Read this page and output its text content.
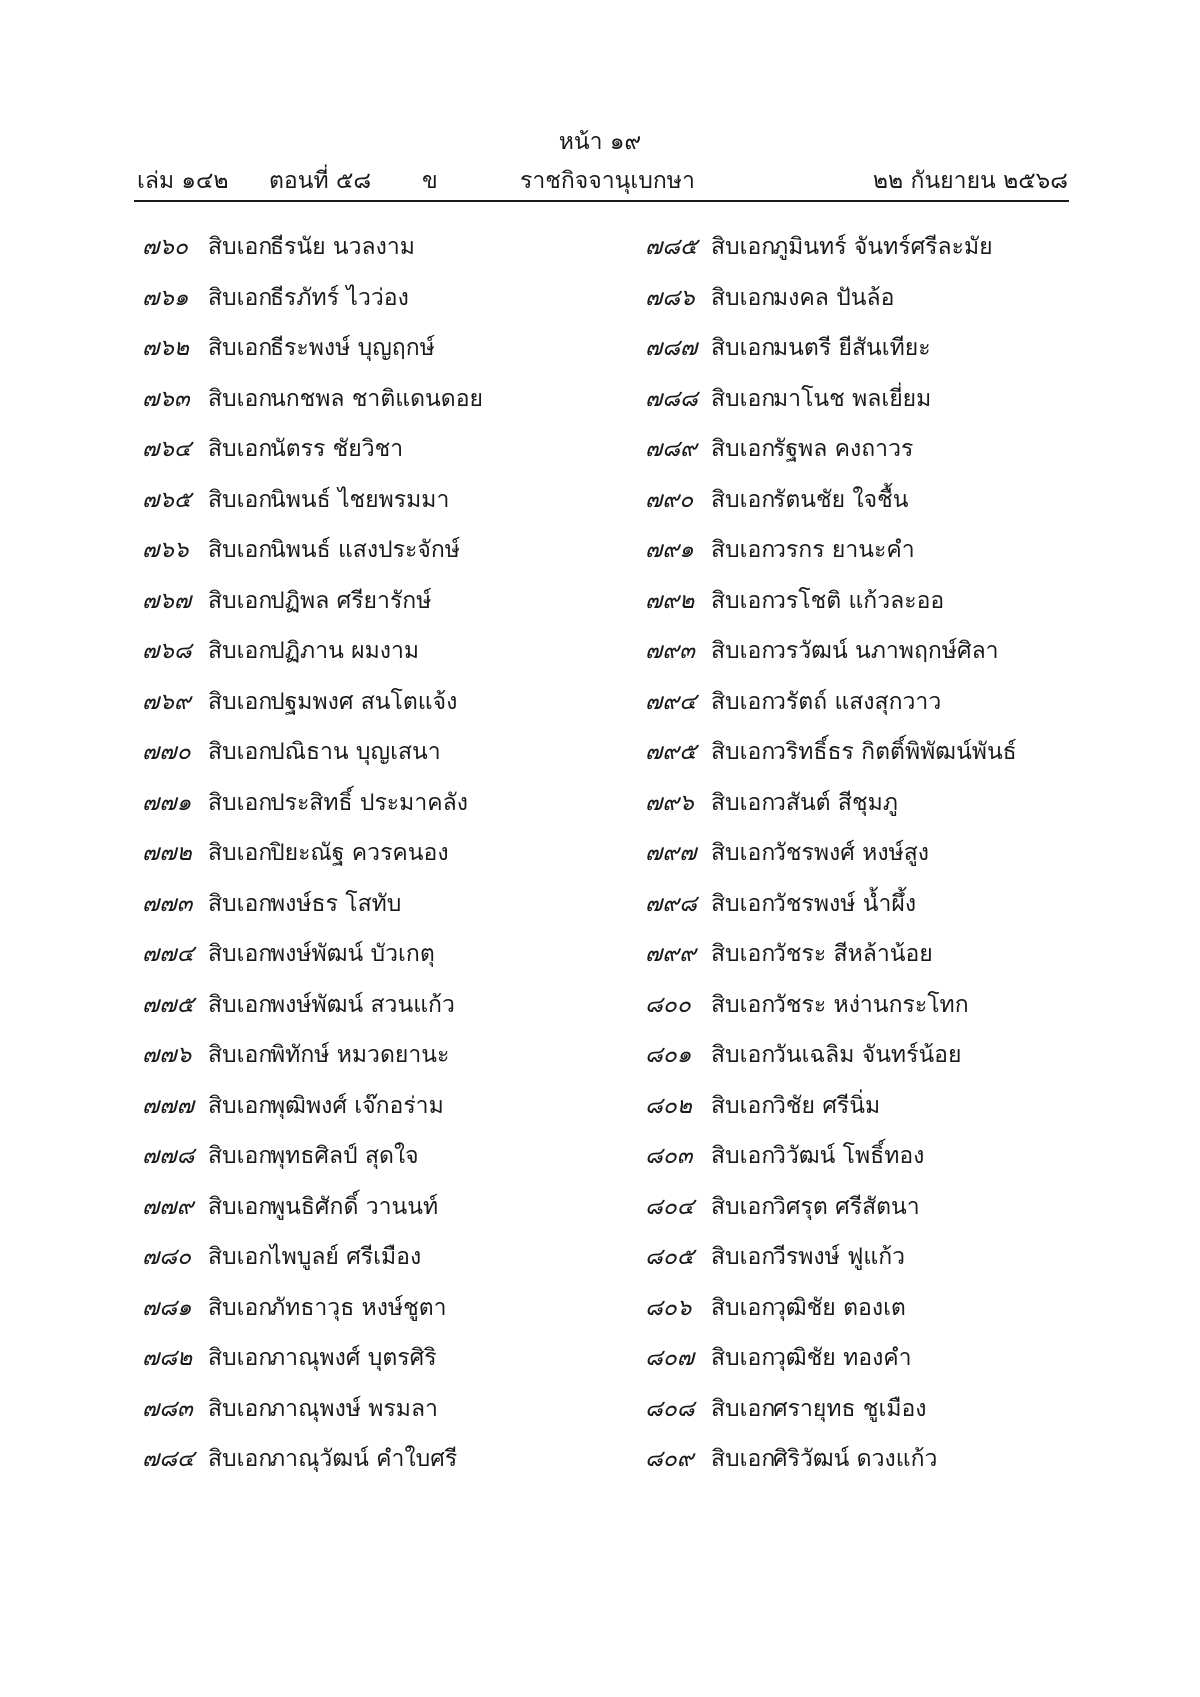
หน้า ๑๙
เล่ม ๑๔๒ ตอนที่ ๕๘ ข	ราชกิจจานุเบกษา	๒๒ กันยายน ๒๕๖๘
๗๖๐ สิบเอก
ธีรนัย นวลงาม
๗๖๑ สิบเอก
ธีรภัทร์ ไวว่อง
๗๖๒ สิบเอก
ธีระพงษ์ บุญฤกษ์
๗๖๓ สิบเอก
นกชพล ชาติแดนดอย
๗๖๔ สิบเอก
นัตรร ชัยวิชา
๗๖๕ สิบเอก
นิพนธ์ ไชยพรมมา
๗๖๖ สิบเอก
นิพนธ์ แสงประจักษ์
๗๖๗ สิบเอก
ปฏิพล ศรียารักษ์
๗๖๘ สิบเอก
ปฏิภาน ผมงาม
๗๖๙ สิบเอก
ปฐมพงศ สนโตแจ้ง
๗๗๐ สิบเอก
ปณิธาน บุญเสนา
๗๗๑ สิบเอก
ประสิทธิ์ ประมาคลัง
๗๗๒ สิบเอก
ปิยะณัฐ ควรคนอง
๗๗๓ สิบเอก
พงษ์ธร โสทับ
๗๗๔ สิบเอก
พงษ์พัฒน์ บัวเกตุ
๗๗๕ สิบเอก
พงษ์พัฒน์ สวนแก้ว
๗๗๖ สิบเอก
พิทักษ์ หมวดยานะ
๗๗๗ สิบเอก
พุฒิพงศ์ เจ๊กอร่าม
๗๗๘ สิบเอก
พุทธศิลป์ สุดใจ
๗๗๙ สิบเอก
พูนธิศักดิ์ วานนท์
๗๘๐ สิบเอก
ไพบูลย์ ศรีเมือง
๗๘๑ สิบเอก
ภัทธาวุธ หงษ์ชูตา
๗๘๒ สิบเอก
ภาณุพงศ์ บุตรศิริ
๗๘๓ สิบเอก
ภาณุพงษ์ พรมลา
๗๘๔ สิบเอก
ภาณุวัฒน์ คำใบศรี
๗๘๕ สิบเอก
ภูมินทร์ จันทร์ศรีละมัย
๗๘๖ สิบเอก
มงคล ปันล้อ
๗๘๗ สิบเอก
มนตรี ยีสันเทียะ
๗๘๘ สิบเอก
มาโนช พลเยี่ยม
๗๘๙ สิบเอก
รัฐพล คงถาวร
๗๙๐ สิบเอก
รัตนชัย ใจชื้น
๗๙๑ สิบเอก
วรกร ยานะคำ
๗๙๒ สิบเอก
วรโชติ แก้วละออ
๗๙๓ สิบเอก
วรวัฒน์ นภาพฤกษ์ศิลา
๗๙๔ สิบเอก
วรัตถ์ แสงสุกวาว
๗๙๕ สิบเอก
วริทธิ์ธร กิตติ์พิพัฒน์พันธ์
๗๙๖ สิบเอก
วสันต์ สีชุมภู
๗๙๗ สิบเอก
วัชรพงศ์ หงษ์สูง
๗๙๘ สิบเอก
วัชรพงษ์ น้ำผึ้ง
๗๙๙ สิบเอก
วัชระ สีหล้าน้อย
๘๐๐ สิบเอก
วัชระ หง่านกระโทก
๘๐๑ สิบเอก
วันเฉลิม จันทร์น้อย
๘๐๒ สิบเอก
วิชัย ศรีนิ่ม
๘๐๓ สิบเอก
วิวัฒน์ โพธิ์ทอง
๘๐๔ สิบเอก
วิศรุต ศรีสัตนา
๘๐๕ สิบเอก
วีรพงษ์ ฟูแก้ว
๘๐๖ สิบเอก
วุฒิชัย ตองเต
๘๐๗ สิบเอก
วุฒิชัย ทองคำ
๘๐๘ สิบเอก
ศรายุทธ ชูเมือง
๘๐๙ สิบเอก
ศิริวัฒน์ ดวงแก้ว
